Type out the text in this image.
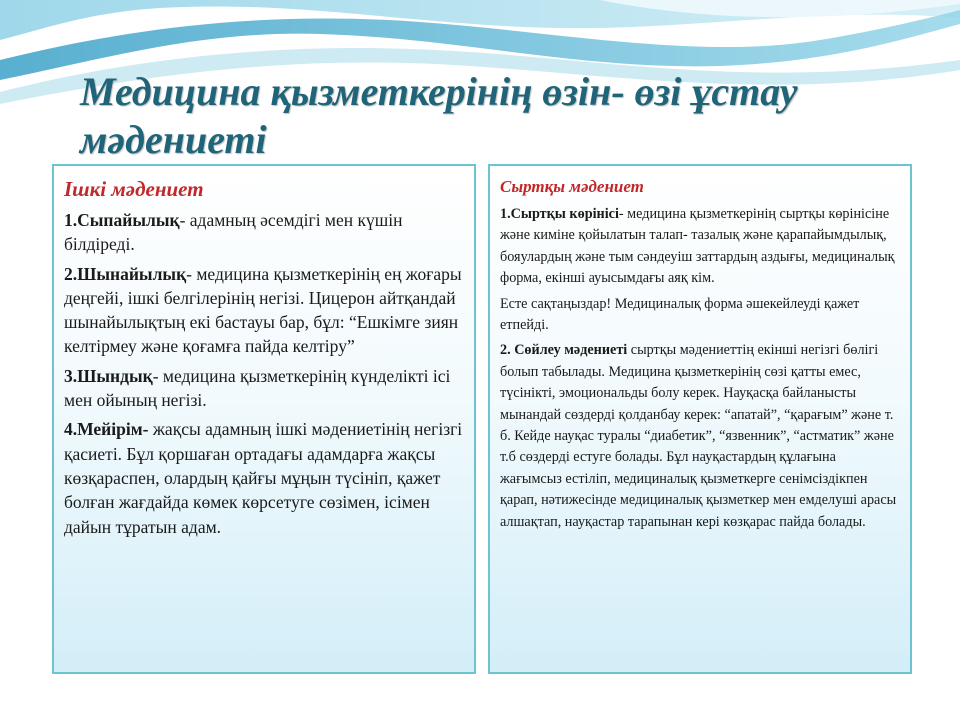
Медицина қызметкерінің өзін- өзі ұстау мәдениеті
Ішкі мәдениет

1.Сыпайылық- адамның әсемдігі мен күшін білдіреді.

2.Шынайылық- медицина қызметкерінің ең жоғары деңгейі, ішкі белгілерінің негізі. Цицерон айтқандай шынайылықтың екі бастауы бар, бұл: “Ешкімге зиян келтірмеу және қоғамға пайда келтіру”

3.Шындық- медицина қызметкерінің күнделікті ісі мен ойының негізі.

4.Мейірім- жақсы адамның ішкі мәдениетінің негізгі қасиеті. Бұл қоршаған ортадағы адамдарға жақсы көзқараспен, олардың қайғы мұңын түсініп, қажет болған жағдайда көмек көрсетуге сөзімен, ісімен дайын тұратын адам.

Сыртқы мәдениет

1.Сыртқы көрінісі- медицина қызметкерінің сыртқы көрінісіне және киміне қойылатын талап- тазалық және қарапайымдылық, бояулардың және тым сәндеуіш заттардың аздығы, медициналық форма, екінші ауысымдағы аяқ кім.

Есте сақтаңыздар! Медициналық форма әшекейлеуді қажет етпейді.

2. Сөйлеу мәдениеті сыртқы мәдениеттің екінші негізгі бөлігі болып табылады. Медицина қызметкерінің сөзі қатты емес, түсінікті, эмоциональды болу керек. Науқасқа байланысты мынандай сөздерді қолданбау керек: “апатай”, “қарағым” және т. б. Кейде науқас туралы “диабетик”, “язвенник”, “астматик” және т.б сөздерді естуге болады. Бұл науқастардың құлағына жағымсыз естіліп, медициналық қызметкерге сенімсіздікпен қарап, нәтижесінде медициналық қызметкер мен емделуші арасы алшақтап, науқастар тарапынан кері көзқарас пайда болады.
